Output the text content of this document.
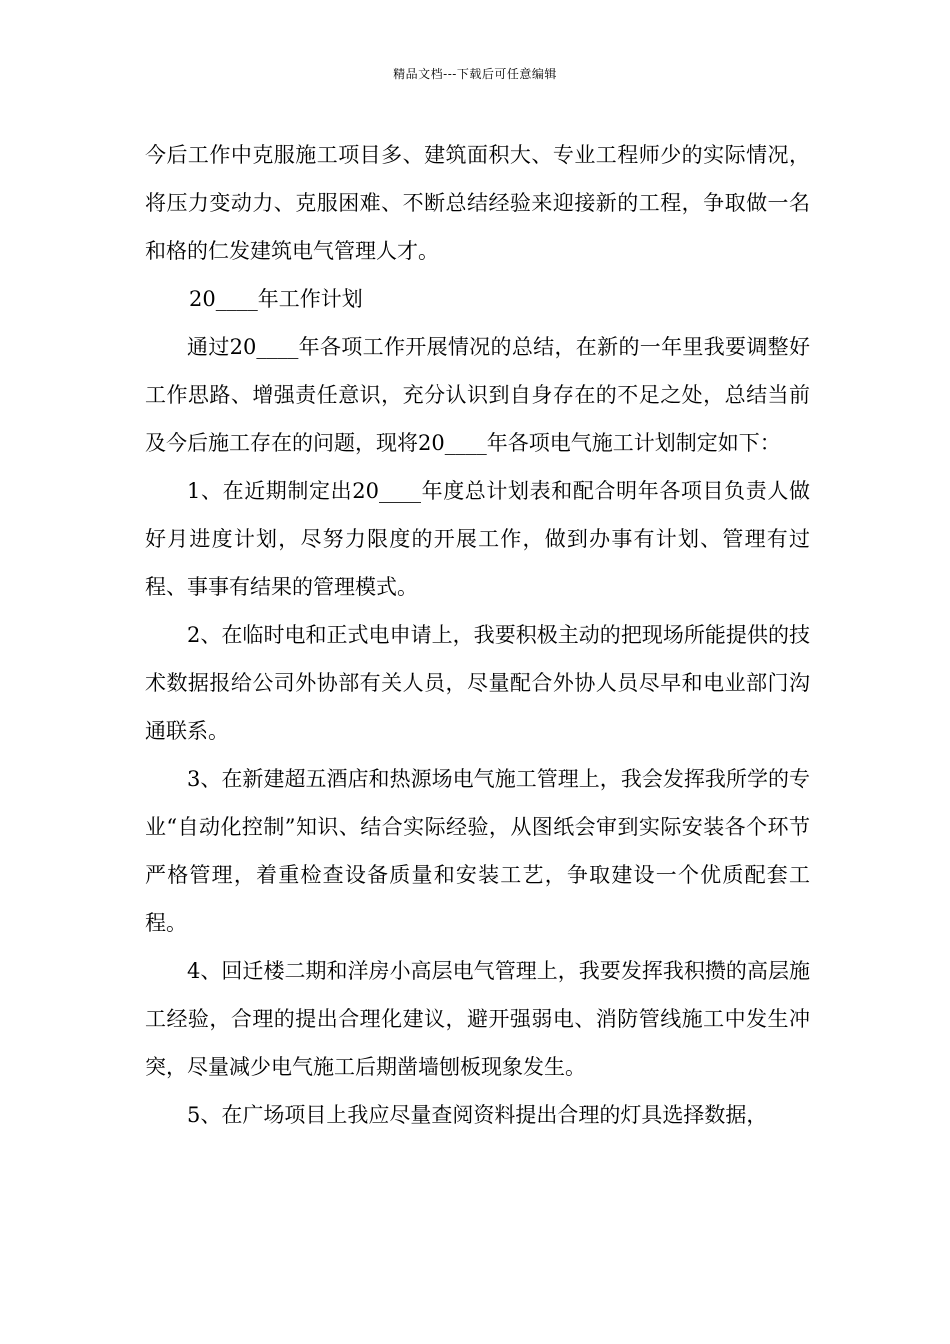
精品文档---下载后可任意编辑

今后工作中克服施工项目多、建筑面积大、专业工程师少的实际情况，将压力变动力、克服困难、不断总结经验来迎接新的工程，争取做一名和格的仁发建筑电气管理人才。

20____年工作计划

通过20____年各项工作开展情况的总结，在新的一年里我要调整好工作思路、增强责任意识，充分认识到自身存在的不足之处，总结当前及今后施工存在的问题，现将20____年各项电气施工计划制定如下：

1、在近期制定出20____年度总计划表和配合明年各项目负责人做好月进度计划，尽努力限度的开展工作，做到办事有计划、管理有过程、事事有结果的管理模式。

2、在临时电和正式电申请上，我要积极主动的把现场所能提供的技术数据报给公司外协部有关人员，尽量配合外协人员尽早和电业部门沟通联系。

3、在新建超五酒店和热源场电气施工管理上，我会发挥我所学的专业“自动化控制”知识、结合实际经验，从图纸会审到实际安装各个环节严格管理，着重检查设备质量和安装工艺，争取建设一个优质配套工程。

4、回迁楼二期和洋房小高层电气管理上，我要发挥我积攒的高层施工经验，合理的提出合理化建议，避开强弱电、消防管线施工中发生冲突，尽量减少电气施工后期凿墙刨板现象发生。

5、在广场项目上我应尽量查阅资料提出合理的灯具选择数据，
